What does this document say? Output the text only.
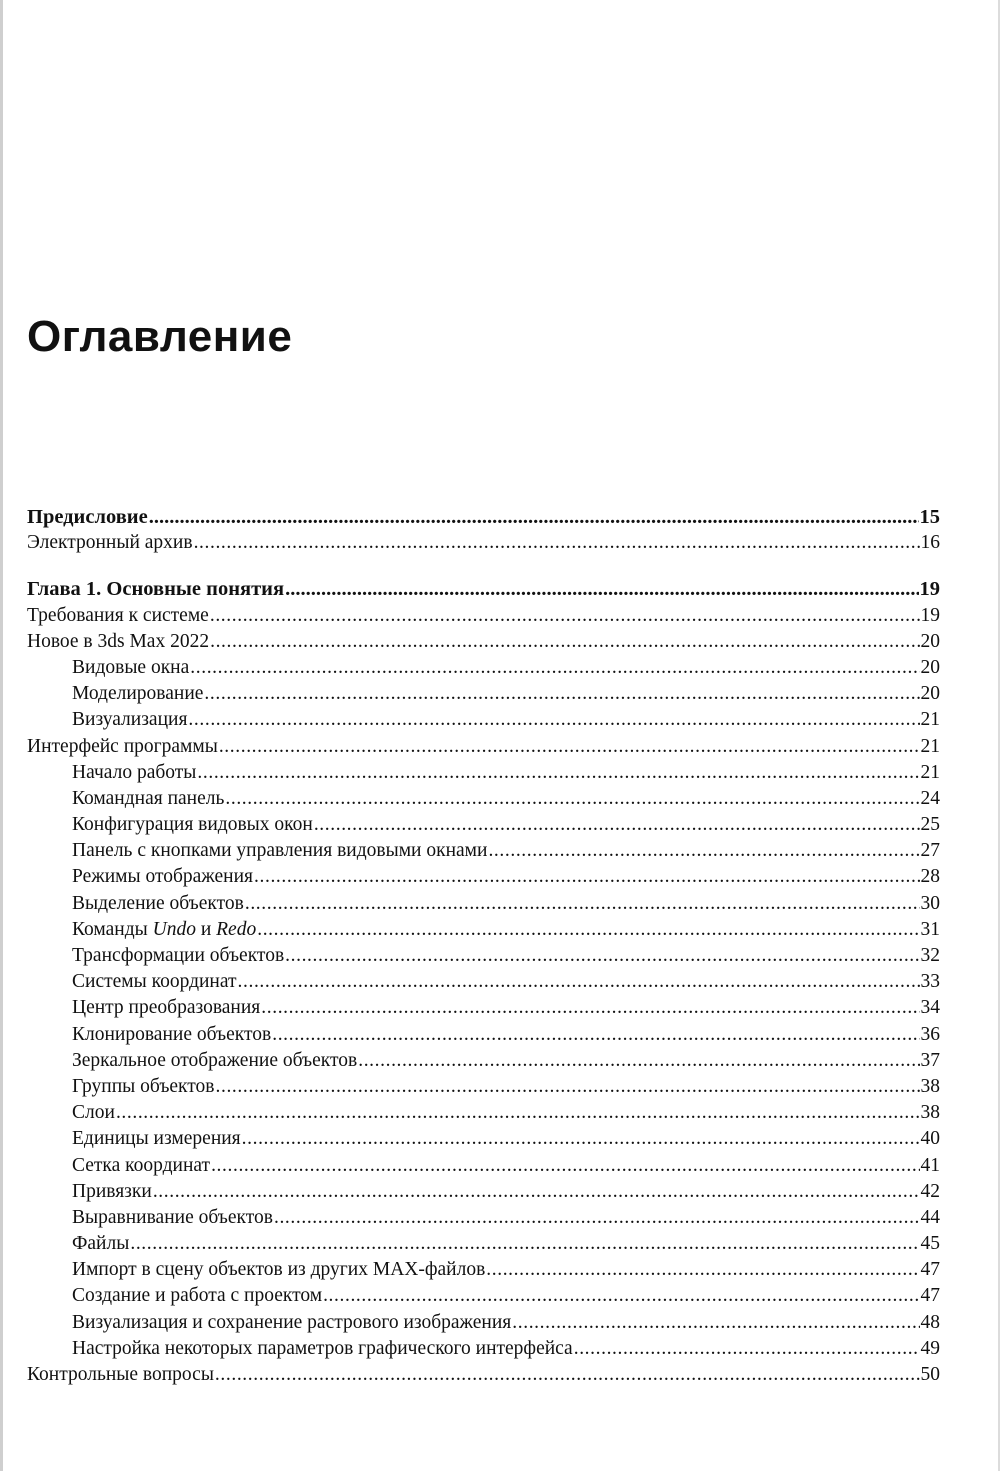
Оглавление
Предисловие .....	15
Электронный архив .....	16
Глава 1. Основные понятия .....	19
Требования к системе .....	19
Новое в 3ds Max 2022 .....	20
Видовые окна .....	20
Моделирование .....	20
Визуализация .....	21
Интерфейс программы .....	21
Начало работы .....	21
Командная панель .....	24
Конфигурация видовых окон .....	25
Панель с кнопками управления видовыми окнами .....	27
Режимы отображения .....	28
Выделение объектов .....	30
Команды Undo и Redo .....	31
Трансформации объектов .....	32
Системы координат .....	33
Центр преобразования .....	34
Клонирование объектов .....	36
Зеркальное отображение объектов .....	37
Группы объектов .....	38
Слои .....	38
Единицы измерения .....	40
Сетка координат .....	41
Привязки .....	42
Выравнивание объектов .....	44
Файлы .....	45
Импорт в сцену объектов из других MAX-файлов .....	47
Создание и работа с проектом .....	47
Визуализация и сохранение растрового изображения .....	48
Настройка некоторых параметров графического интерфейса .....	49
Контрольные вопросы .....	50
